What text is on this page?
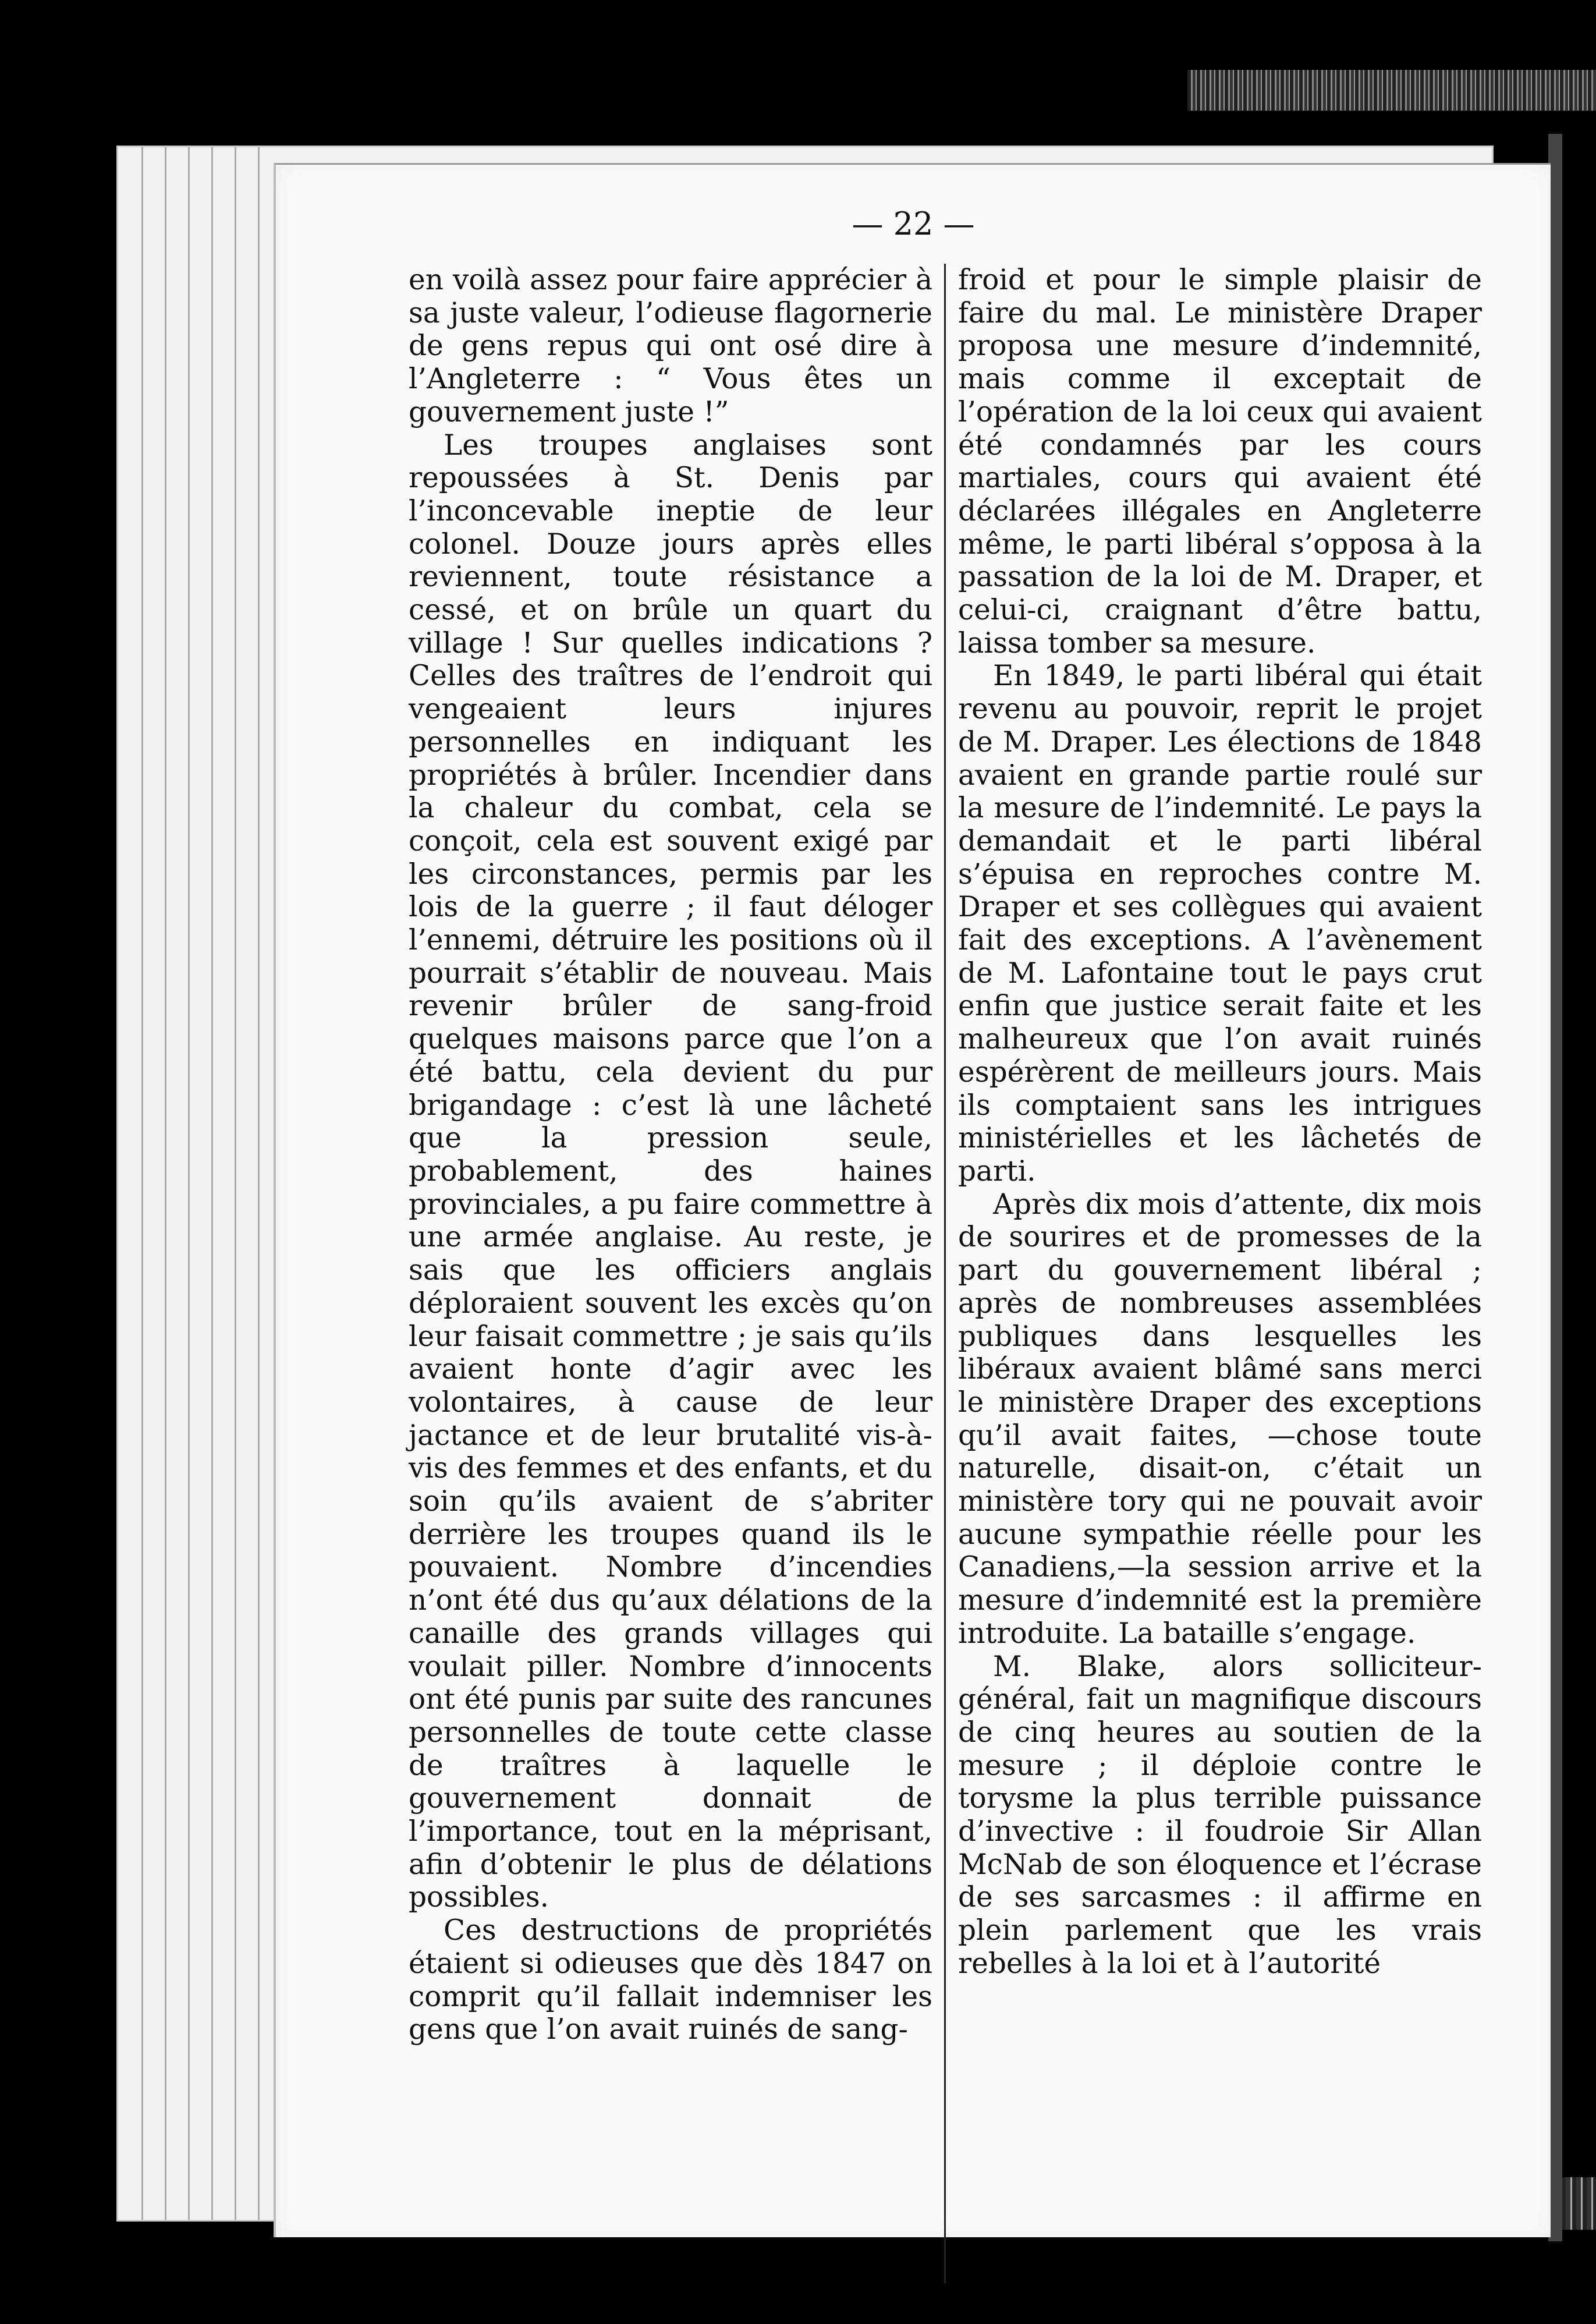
— 22 —

en voilà assez pour faire apprécier à sa juste valeur, l’odieuse flagornerie de gens repus qui ont osé dire à l’Angleterre : “ Vous êtes un gouvernement juste !”

Les troupes anglaises sont repoussées à St. Denis par l’inconcevable ineptie de leur colonel. Douze jours après elles reviennent, toute résistance a cessé, et on brûle un quart du village ! Sur quelles indications ? Celles des traîtres de l’endroit qui vengeaient leurs injures personnelles en indiquant les propriétés à brûler. Incendier dans la chaleur du combat, cela se conçoit, cela est souvent exigé par les circonstances, permis par les lois de la guerre ; il faut déloger l’ennemi, détruire les positions où il pourrait s’établir de nouveau. Mais revenir brûler de sang-froid quelques maisons parce que l’on a été battu, cela devient du pur brigandage : c’est là une lâcheté que la pression seule, probablement, des haines provinciales, a pu faire commettre à une armée anglaise. Au reste, je sais que les officiers anglais déploraient souvent les excès qu’on leur faisait commettre ; je sais qu’ils avaient honte d’agir avec les volontaires, à cause de leur jactance et de leur brutalité vis-à-vis des femmes et des enfants, et du soin qu’ils avaient de s’abriter derrière les troupes quand ils le pouvaient. Nombre d’incendies n’ont été dus qu’aux délations de la canaille des grands villages qui voulait piller. Nombre d’innocents ont été punis par suite des rancunes personnelles de toute cette classe de traîtres à laquelle le gouvernement donnait de l’importance, tout en la méprisant, afin d’obtenir le plus de délations possibles.

Ces destructions de propriétés étaient si odieuses que dès 1847 on comprit qu’il fallait indemniser les gens que l’on avait ruinés de sang-

froid et pour le simple plaisir de faire du mal. Le ministère Draper proposa une mesure d’indemnité, mais comme il exceptait de l’opération de la loi ceux qui avaient été condamnés par les cours martiales, cours qui avaient été déclarées illégales en Angleterre même, le parti libéral s’opposa à la passation de la loi de M. Draper, et celui-ci, craignant d’être battu, laissa tomber sa mesure.

En 1849, le parti libéral qui était revenu au pouvoir, reprit le projet de M. Draper. Les élections de 1848 avaient en grande partie roulé sur la mesure de l’indemnité. Le pays la demandait et le parti libéral s’épuisa en reproches contre M. Draper et ses collègues qui avaient fait des exceptions. A l’avènement de M. Lafontaine tout le pays crut enfin que justice serait faite et les malheureux que l’on avait ruinés espérèrent de meilleurs jours. Mais ils comptaient sans les intrigues ministérielles et les lâchetés de parti.

Après dix mois d’attente, dix mois de sourires et de promesses de la part du gouvernement libéral ; après de nombreuses assemblées publiques dans lesquelles les libéraux avaient blâmé sans merci le ministère Draper des exceptions qu’il avait faites, —chose toute naturelle, disait-on, c’était un ministère tory qui ne pouvait avoir aucune sympathie réelle pour les Canadiens,—la session arrive et la mesure d’indemnité est la première introduite. La bataille s’engage.

M. Blake, alors solliciteur-général, fait un magnifique discours de cinq heures au soutien de la mesure ; il déploie contre le torysme la plus terrible puissance d’invective : il foudroie Sir Allan McNab de son éloquence et l’écrase de ses sarcasmes : il affirme en plein parlement que les vrais rebelles à la loi et à l’autorité
